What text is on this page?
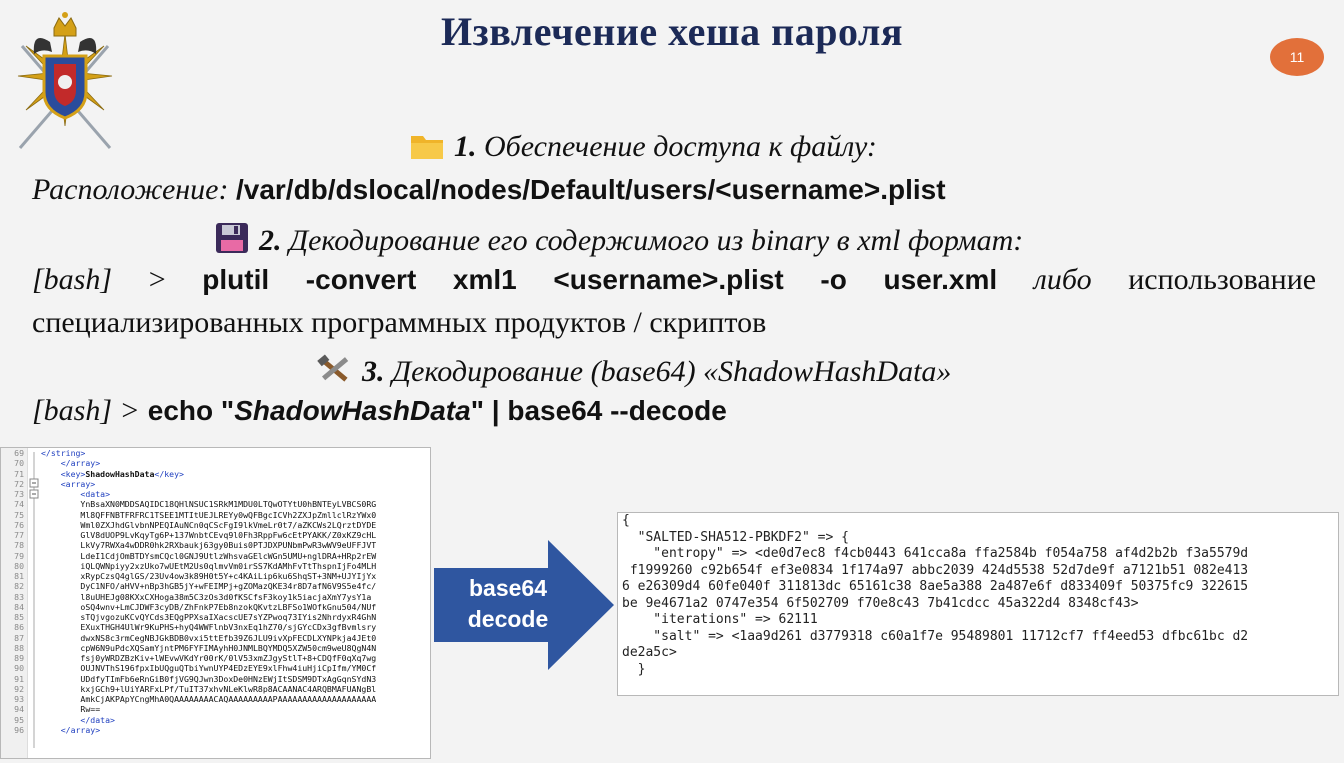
Извлечение хеша пароля
11
1. Обеспечение доступа к файлу:
Расположение: /var/db/dslocal/nodes/Default/users/<username>.plist
2. Декодирование его содержимого из binary в xml формат:
[bash] > plutil -convert xml1 <username>.plist -o user.xml либо использование
специализированных программных продуктов / скриптов
3. Декодирование (base64) «ShadowHashData»
[bash] > echo "ShadowHashData" | base64 --decode
69
70
71
72
73
74
75
76
77
78
79
80
81
82
83
84
85
86
87
88
89
90
91
92
93
94
95
96
</string>
</array>
<key>ShadowHashData</key>
<array>
<data>
YnBsaXN0MDDSAQIDC18QHlNSUC1SRkM1MDU0LTQwOTYtU0hBNTEyLVBCS0RG
Ml8QFFNBTFRFRC1TSEE1MTItUEJLREYy0wQFBgcICVh2ZXJpZmllclRzYWx0
Wml0ZXJhdGlvbnNPEQIAuNCn0qCScFgI9lkVmeLr0t7/aZKCWs2LQrztDYDE
GlV8dUOP9LvKqyTg6P+137WnbtCEvq9l0Fh3RppFw6cEtPYAKK/Z0xKZ9cHL
LkVy7RWXa4wDDR0hk2RXbaukj63gy0Buis0PTJDXPUNbmPwR3wWV9eUFFJVT
LdeI1CdjOmBTDYsmCQcl0GNJ9UtlzWhsvaGElcWGn5UMU+nglDRA+HRp2rEW
iQLQWNpiyy2xzUko7wUEtM2Us0qlmvVm0irSS7KdAMhFvTtThspnIjFo4MLH
xRypCzsQ4glGS/23Uv4ow3k89H0t5Y+c4KAiLip6ku6ShqST+3NM+UJYIjYx
DyC1NFO/aHVV+nBp3hGB5jY+wFEIMPj+gZOMazQKE34r8D7afN6V9S5e4fc/
l8uUHEJg08KXxCXHoga38m5C3zOs3d0fKSCfsF3koy1k5iacjaXmY7ysY1a
oSQ4wnv+LmCJDWF3cyDB/ZhFnkP7Eb8nzokQKvtzLBFSo1WOfkGnu504/NUf
sTQjvgozuKCvQYCds3EQgPPXsaIXacscUE7sYZPwoq73IYis2NhrdyxR4GhN
EXuxTHGH4UlWr9KuPHS+hyQ4WWFlnbV3nxEq1hZ70/sjGYcCDx3gfBvmlsry
dwxNS8c3rmCegNBJGkBDB0vxi5ttEfb39Z6JLU9ivXpFECDLXYNPkja4JEt0
cpW6N9uPdcXQSamYjntPM6FYFIMAyhH0JNMLBQYMDQ5XZW50cm9weU8QgN4N
fsj0yWRDZBzKiv+lWEvwVKdYr00rK/0lV53xmZJgyStlT+8+CDQfF0qXq7wg
OUJNVThS196fpxIbUQguQTbiYwnUYP4EDzEYE9xlFhw4iuHjiCpIfm/YM0Cf
UDdfyTImFb6eRnGiB0fjVG9QJwn3DoxDe0HNzEWjItSDSM9DTxAgGqnSYdN3
kxjGCh9+lUiYARFxLPf/TuIT37xhvNLeKlwR8p8ACAANAC4ARQBMAFUANgBl
AmkCjAKPApYCngMhA0QAAAAAAAACAQAAAAAAAAAPAAAAAAAAAAAAAAAAAAAA
Rw==
</data>
</array>
base64
decode
{
"SALTED-SHA512-PBKDF2" => {
"entropy" => <de0d7ec8 f4cb0443 641cca8a ffa2584b f054a758 af4d2b2b f3a5579d
f1999260 c92b654f ef3e0834 1f174a97 abbc2039 424d5538 52d7de9f a7121b51 082e413
6 e26309d4 60fe040f 311813dc 65161c38 8ae5a388 2a487e6f d833409f 50375fc9 322615
be 9e4671a2 0747e354 6f502709 f70e8c43 7b41cdcc 45a322d4 8348cf43>
"iterations" => 62111
"salt" => <1aa9d261 d3779318 c60a1f7e 95489801 11712cf7 ff4eed53 dfbc61bc d2
de2a5c>
}
